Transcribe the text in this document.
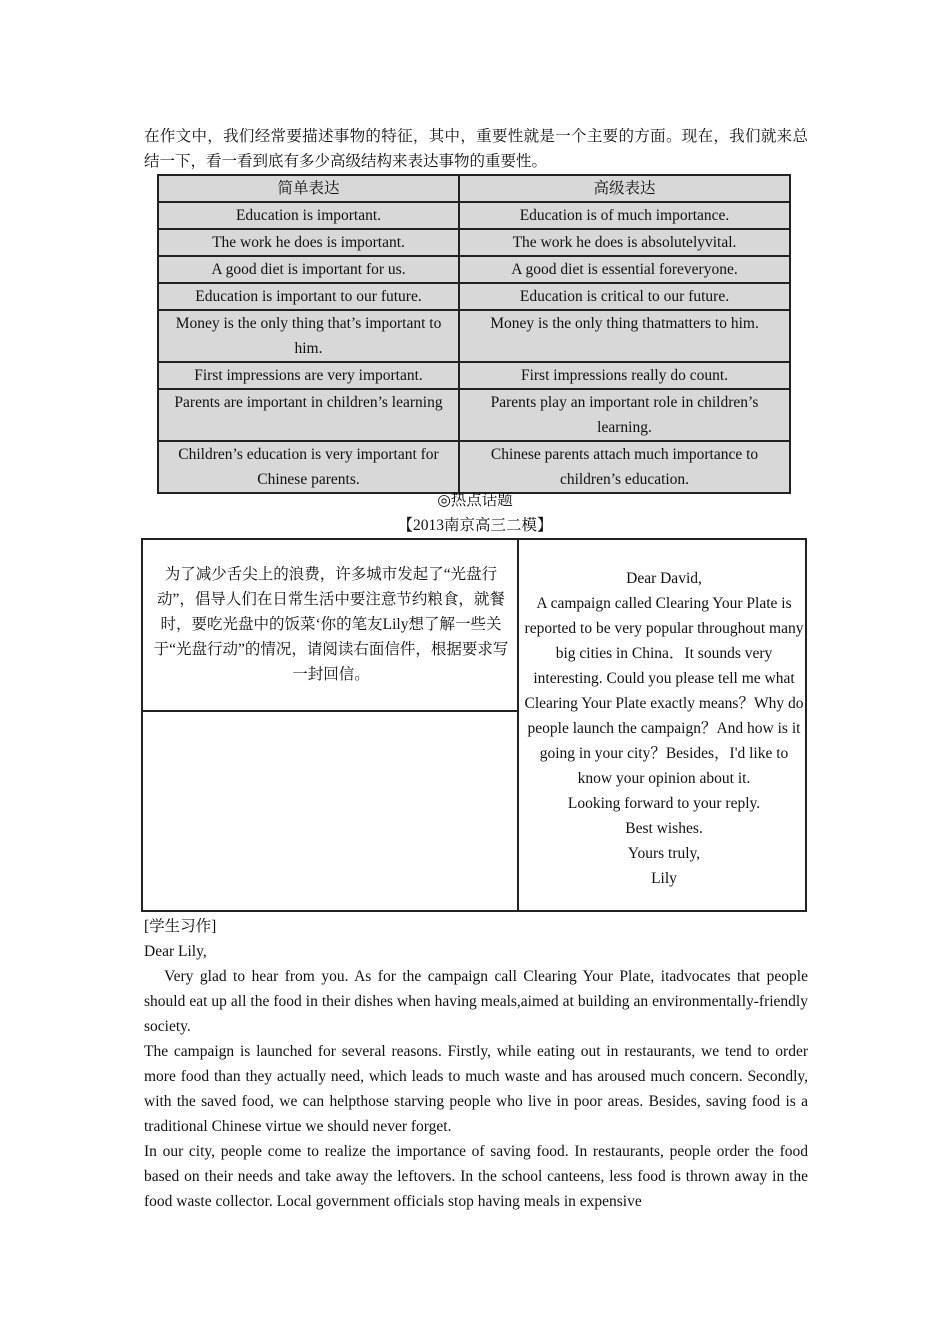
在作文中，我们经常要描述事物的特征，其中，重要性就是一个主要的方面。现在，我们就来总结一下，看一看到底有多少高级结构来表达事物的重要性。
简单表达	高级表达
Education is important.	Education is of much importance.
The work he does is important.	The work he does is absolutelyvital.
A good diet is important for us.	A good diet is essential foreveryone.
Education is important to our future.	Education is critical to our future.
Money is the only thing that’s important to him.	Money is the only thing thatmatters to him.
First impressions are very important.	First impressions really do count.
Parents are important in children’s learning	Parents play an important role in children’s learning.
Children’s education is very important for Chinese parents.	Chinese parents attach much importance to children’s education.
◎热点话题
【2013南京高三二模】
为了减少舌尖上的浪费，许多城市发起了“光盘行动”，倡导人们在日常生活中要注意节约粮食，就餐时，要吃光盘中的饭菜‘你的笔友Lily想了解一些关于“光盘行动”的情况，请阅读右面信件，根据要求写一封回信。
Dear David,
A campaign called Clearing Your Plate is reported to be very popular throughout many big cities in China．It sounds very interesting. Could you please tell me what Clearing Your Plate exactly means？Why do people launch the campaign？And how is it going in your city？Besides，I'd like to know your opinion about it.
Looking forward to your reply.
Best wishes.
Yours truly,
Lily

[学生习作]

Dear Lily,

Very glad to hear from you. As for the campaign call Clearing Your Plate, itadvocates that people should eat up all the food in their dishes when having meals,aimed at building an environmentally-friendly society.

The campaign is launched for several reasons. Firstly, while eating out in restaurants, we tend to order more food than they actually need, which leads to much waste and has aroused much concern. Secondly, with the saved food, we can helpthose starving people who live in poor areas. Besides, saving food is a traditional Chinese virtue we should never forget.

In our city, people come to realize the importance of saving food. In restaurants, people order the food based on their needs and take away the leftovers. In the school canteens, less food is thrown away in the food waste collector. Local government officials stop having meals in expensive
